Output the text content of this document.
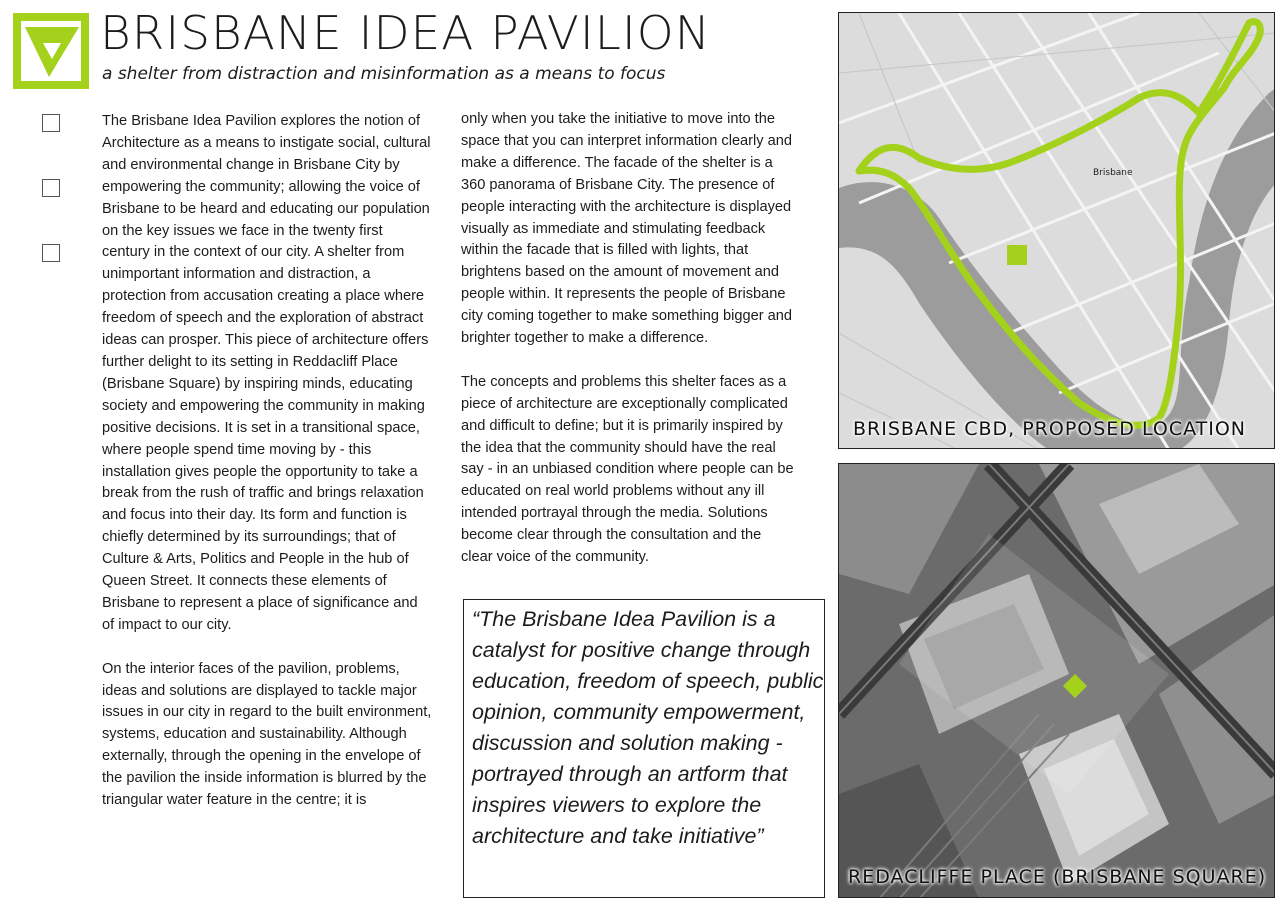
BRISBANE IDEA PAVILION
a shelter from distraction and misinformation as a means to focus

The Brisbane Idea Pavilion explores the notion of Architecture as a means to instigate social, cultural and environmental change in Brisbane City by empowering the community; allowing the voice of Brisbane to be heard and educating our population on the key issues we face in the twenty first century in the context of our city. A shelter from unimportant information and distraction, a protection from accusation creating a place where freedom of speech and the exploration of abstract ideas can prosper. This piece of architecture offers further delight to its setting in Reddacliff Place (Brisbane Square) by inspiring minds, educating society and empowering the community in making positive decisions. It is set in a transitional space, where people spend time moving by - this installation gives people the opportunity to take a break from the rush of traffic and brings relaxation and focus into their day. Its form and function is chiefly determined by its surroundings; that of Culture & Arts, Politics and People in the hub of Queen Street. It connects these elements of Brisbane to represent a place of significance and of impact to our city.

On the interior faces of the pavilion, problems, ideas and solutions are displayed to tackle major issues in our city in regard to the built environment, systems, education and sustainability. Although externally, through the opening in the envelope of the pavilion the inside information is blurred by the triangular water feature in the centre; it is

only when you take the initiative to move into the space that you can interpret information clearly and make a difference. The facade of the shelter is a 360 panorama of Brisbane City. The presence of people interacting with the architecture is displayed visually as immediate and stimulating feedback within the facade that is filled with lights, that brightens based on the amount of movement and people within. It represents the people of Brisbane city coming together to make something bigger and brighter together to make a difference.

The concepts and problems this shelter faces as a piece of architecture are exceptionally complicated and difficult to define; but it is primarily inspired by the idea that the community should have the real say - in an unbiased condition where people can be educated on real world problems without any ill intended portrayal through the media. Solutions become clear through the consultation and the clear voice of the community.

“The Brisbane Idea Pavilion is a catalyst for positive change through education, freedom of speech, public opinion, community empowerment, discussion and solution making - portrayed through an artform that inspires viewers to explore the architecture and take initiative”
Brisbane
BRISBANE CBD, PROPOSED LOCATION
REDACLIFFE PLACE (BRISBANE SQUARE)
